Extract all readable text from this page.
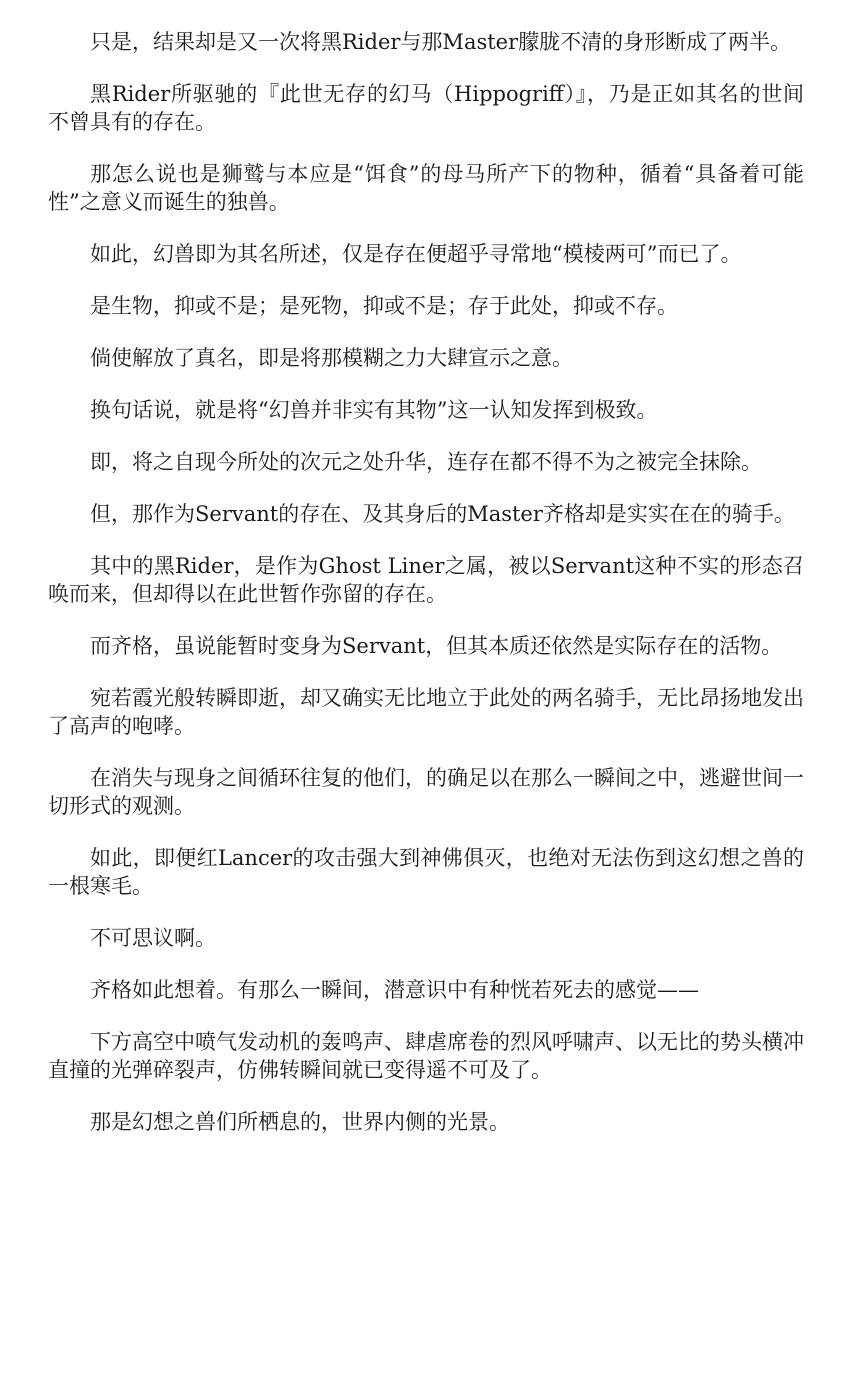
只是，结果却是又一次将黑Rider与那Master朦胧不清的身形断成了两半。

黑Rider所驱驰的『此世无存的幻马（Hippogriff）』，乃是正如其名的世间不曾具有的存在。

那怎么说也是狮鹫与本应是“饵食”的母马所产下的物种，循着“具备着可能性”之意义而诞生的独兽。

如此，幻兽即为其名所述，仅是存在便超乎寻常地“模棱两可”而已了。

是生物，抑或不是；是死物，抑或不是；存于此处，抑或不存。

倘使解放了真名，即是将那模糊之力大肆宣示之意。

换句话说，就是将“幻兽并非实有其物”这一认知发挥到极致。

即，将之自现今所处的次元之处升华，连存在都不得不为之被完全抹除。

但，那作为Servant的存在、及其身后的Master齐格却是实实在在的骑手。

其中的黑Rider，是作为Ghost Liner之属，被以Servant这种不实的形态召唤而来，但却得以在此世暂作弥留的存在。

而齐格，虽说能暂时变身为Servant，但其本质还依然是实际存在的活物。

宛若霞光般转瞬即逝，却又确实无比地立于此处的两名骑手，无比昂扬地发出了高声的咆哮。

在消失与现身之间循环往复的他们，的确足以在那么一瞬间之中，逃避世间一切形式的观测。

如此，即便红Lancer的攻击强大到神佛俱灭，也绝对无法伤到这幻想之兽的一根寒毛。

不可思议啊。

齐格如此想着。有那么一瞬间，潜意识中有种恍若死去的感觉——

下方高空中喷气发动机的轰鸣声、肆虐席卷的烈风呼啸声、以无比的势头横冲直撞的光弹碎裂声，仿佛转瞬间就已变得遥不可及了。

那是幻想之兽们所栖息的，世界内侧的光景。
